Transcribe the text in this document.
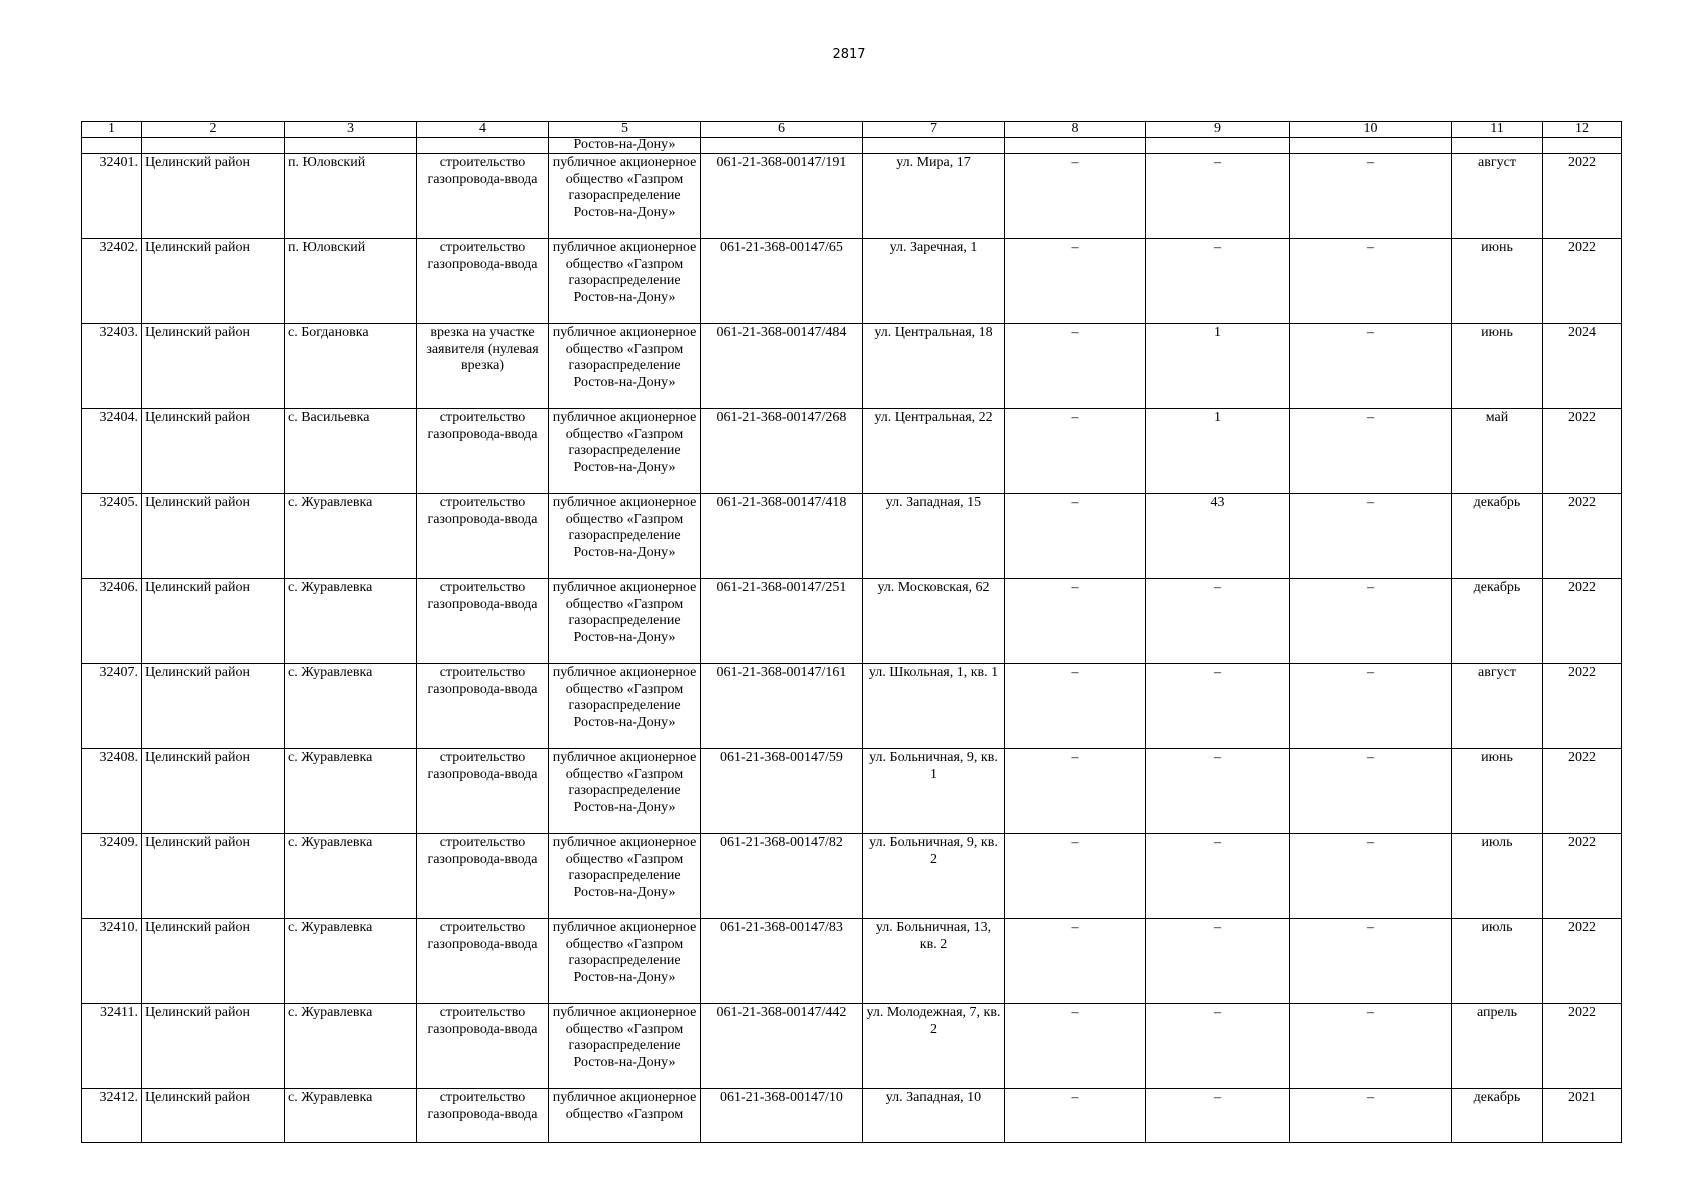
2817
1	2	3	4	5	6	7	8	9	10	11	12
				Ростов-на-Дону»							

32401.	Целинский район	п. Юловский	строительство газопровода-ввода	публичное акционерное общество «Газпром газораспределение Ростов-на-Дону»	061-21-368-00147/191	ул. Мира, 17	–	–	–	август	2022

32402.	Целинский район	п. Юловский	строительство газопровода-ввода	публичное акционерное общество «Газпром газораспределение Ростов-на-Дону»	061-21-368-00147/65	ул. Заречная, 1	–	–	–	июнь	2022

32403.	Целинский район	с. Богдановка	врезка на участке заявителя (нулевая врезка)	публичное акционерное общество «Газпром газораспределение Ростов-на-Дону»	061-21-368-00147/484	ул. Центральная, 18	–	1	–	июнь	2024

32404.	Целинский район	с. Васильевка	строительство газопровода-ввода	публичное акционерное общество «Газпром газораспределение Ростов-на-Дону»	061-21-368-00147/268	ул. Центральная, 22	–	1	–	май	2022

32405.	Целинский район	с. Журавлевка	строительство газопровода-ввода	публичное акционерное общество «Газпром газораспределение Ростов-на-Дону»	061-21-368-00147/418	ул. Западная, 15	–	43	–	декабрь	2022

32406.	Целинский район	с. Журавлевка	строительство газопровода-ввода	публичное акционерное общество «Газпром газораспределение Ростов-на-Дону»	061-21-368-00147/251	ул. Московская, 62	–	–	–	декабрь	2022

32407.	Целинский район	с. Журавлевка	строительство газопровода-ввода	публичное акционерное общество «Газпром газораспределение Ростов-на-Дону»	061-21-368-00147/161	ул. Школьная, 1, кв. 1	–	–	–	август	2022

32408.	Целинский район	с. Журавлевка	строительство газопровода-ввода	публичное акционерное общество «Газпром газораспределение Ростов-на-Дону»	061-21-368-00147/59	ул. Больничная, 9, кв. 1	–	–	–	июнь	2022

32409.	Целинский район	с. Журавлевка	строительство газопровода-ввода	публичное акционерное общество «Газпром газораспределение Ростов-на-Дону»	061-21-368-00147/82	ул. Больничная, 9, кв. 2	–	–	–	июль	2022

32410.	Целинский район	с. Журавлевка	строительство газопровода-ввода	публичное акционерное общество «Газпром газораспределение Ростов-на-Дону»	061-21-368-00147/83	ул. Больничная, 13, кв. 2	–	–	–	июль	2022

32411.	Целинский район	с. Журавлевка	строительство газопровода-ввода	публичное акционерное общество «Газпром газораспределение Ростов-на-Дону»	061-21-368-00147/442	ул. Молодежная, 7, кв. 2	–	–	–	апрель	2022

32412.	Целинский район	с. Журавлевка	строительство газопровода-ввода	публичное акционерное общество «Газпром	061-21-368-00147/10	ул. Западная, 10	–	–	–	декабрь	2021
